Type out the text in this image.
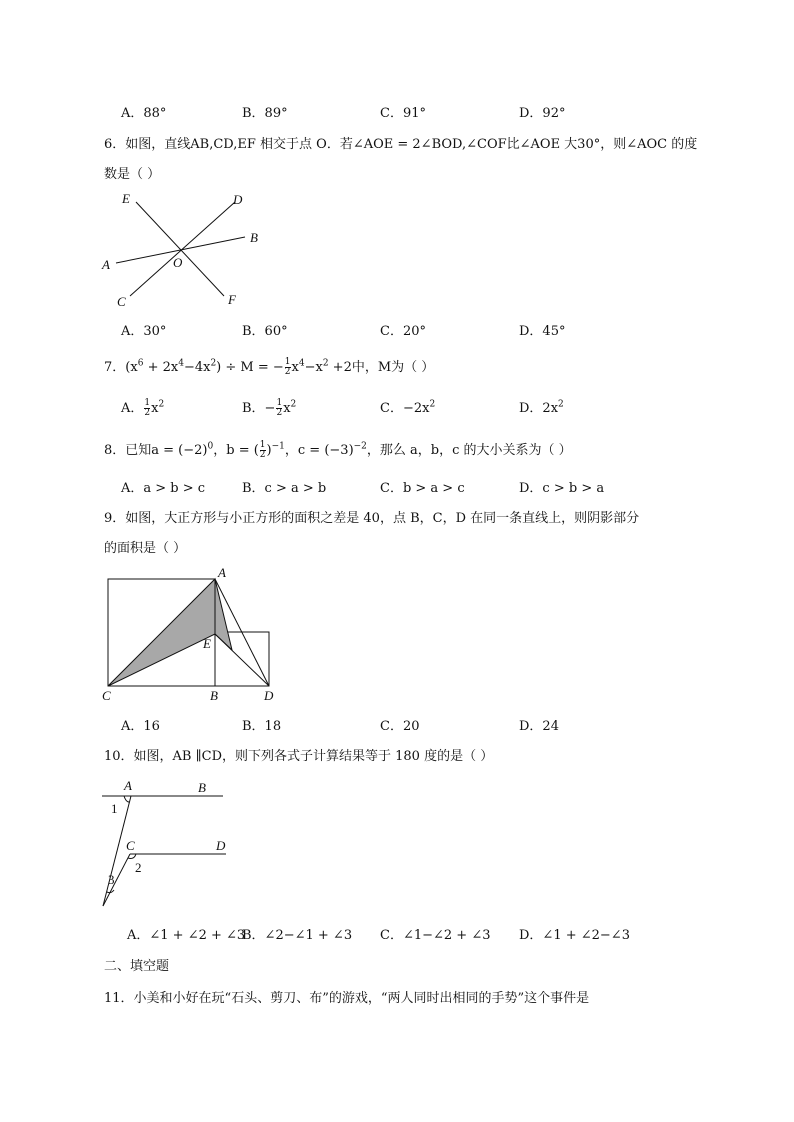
A．88°	B．89°	C．91°	D．92°
6．如图，直线AB,CD,EF 相交于点 O．若∠AOE = 2∠BOD,∠COF比∠AOE 大30°，则∠AOC 的度
数是（ ）
E	D
B
A	O
C	F
A．30°	B．60°	C．20°	D．45°
7．$(x^6 + 2x^4-4x^2) \div M$ = − $\frac{1}{2} x^4-x^2 +2$中，M为（ ）
A． $\frac{1}{2} x^2$	B．− $\frac{1}{2} x^2$	C．$-2x^2$	D．$2x^2$
8．已知$a = (-2)^0$，b = ( $\frac{1}{2} )^{-1}$，$c = (-3)^{-2}$，那么 a，b，c 的大小关系为（ ）
A．a > b > c	B．c > a > b	C．b > a > c	D．c > b > a
9．如图，大正方形与小正方形的面积之差是 40，点 B，C，D 在同一条直线上，则阴影部分
的面积是（ ）
A
E
C	B	D
A．16	B．18	C．20	D．24
10．如图，AB ∥CD，则下列各式子计算结果等于 180 度的是（ ）
A	B
1
C	D
2
3
A．∠1 + ∠2 + ∠3
B．∠2−∠1 + ∠3 C．∠1−∠2 + ∠3 D．∠1 + ∠2−∠3
二、填空题
11．小美和小好在玩“石头、剪刀、布”的游戏，“两人同时出相同的手势”这个事件是
